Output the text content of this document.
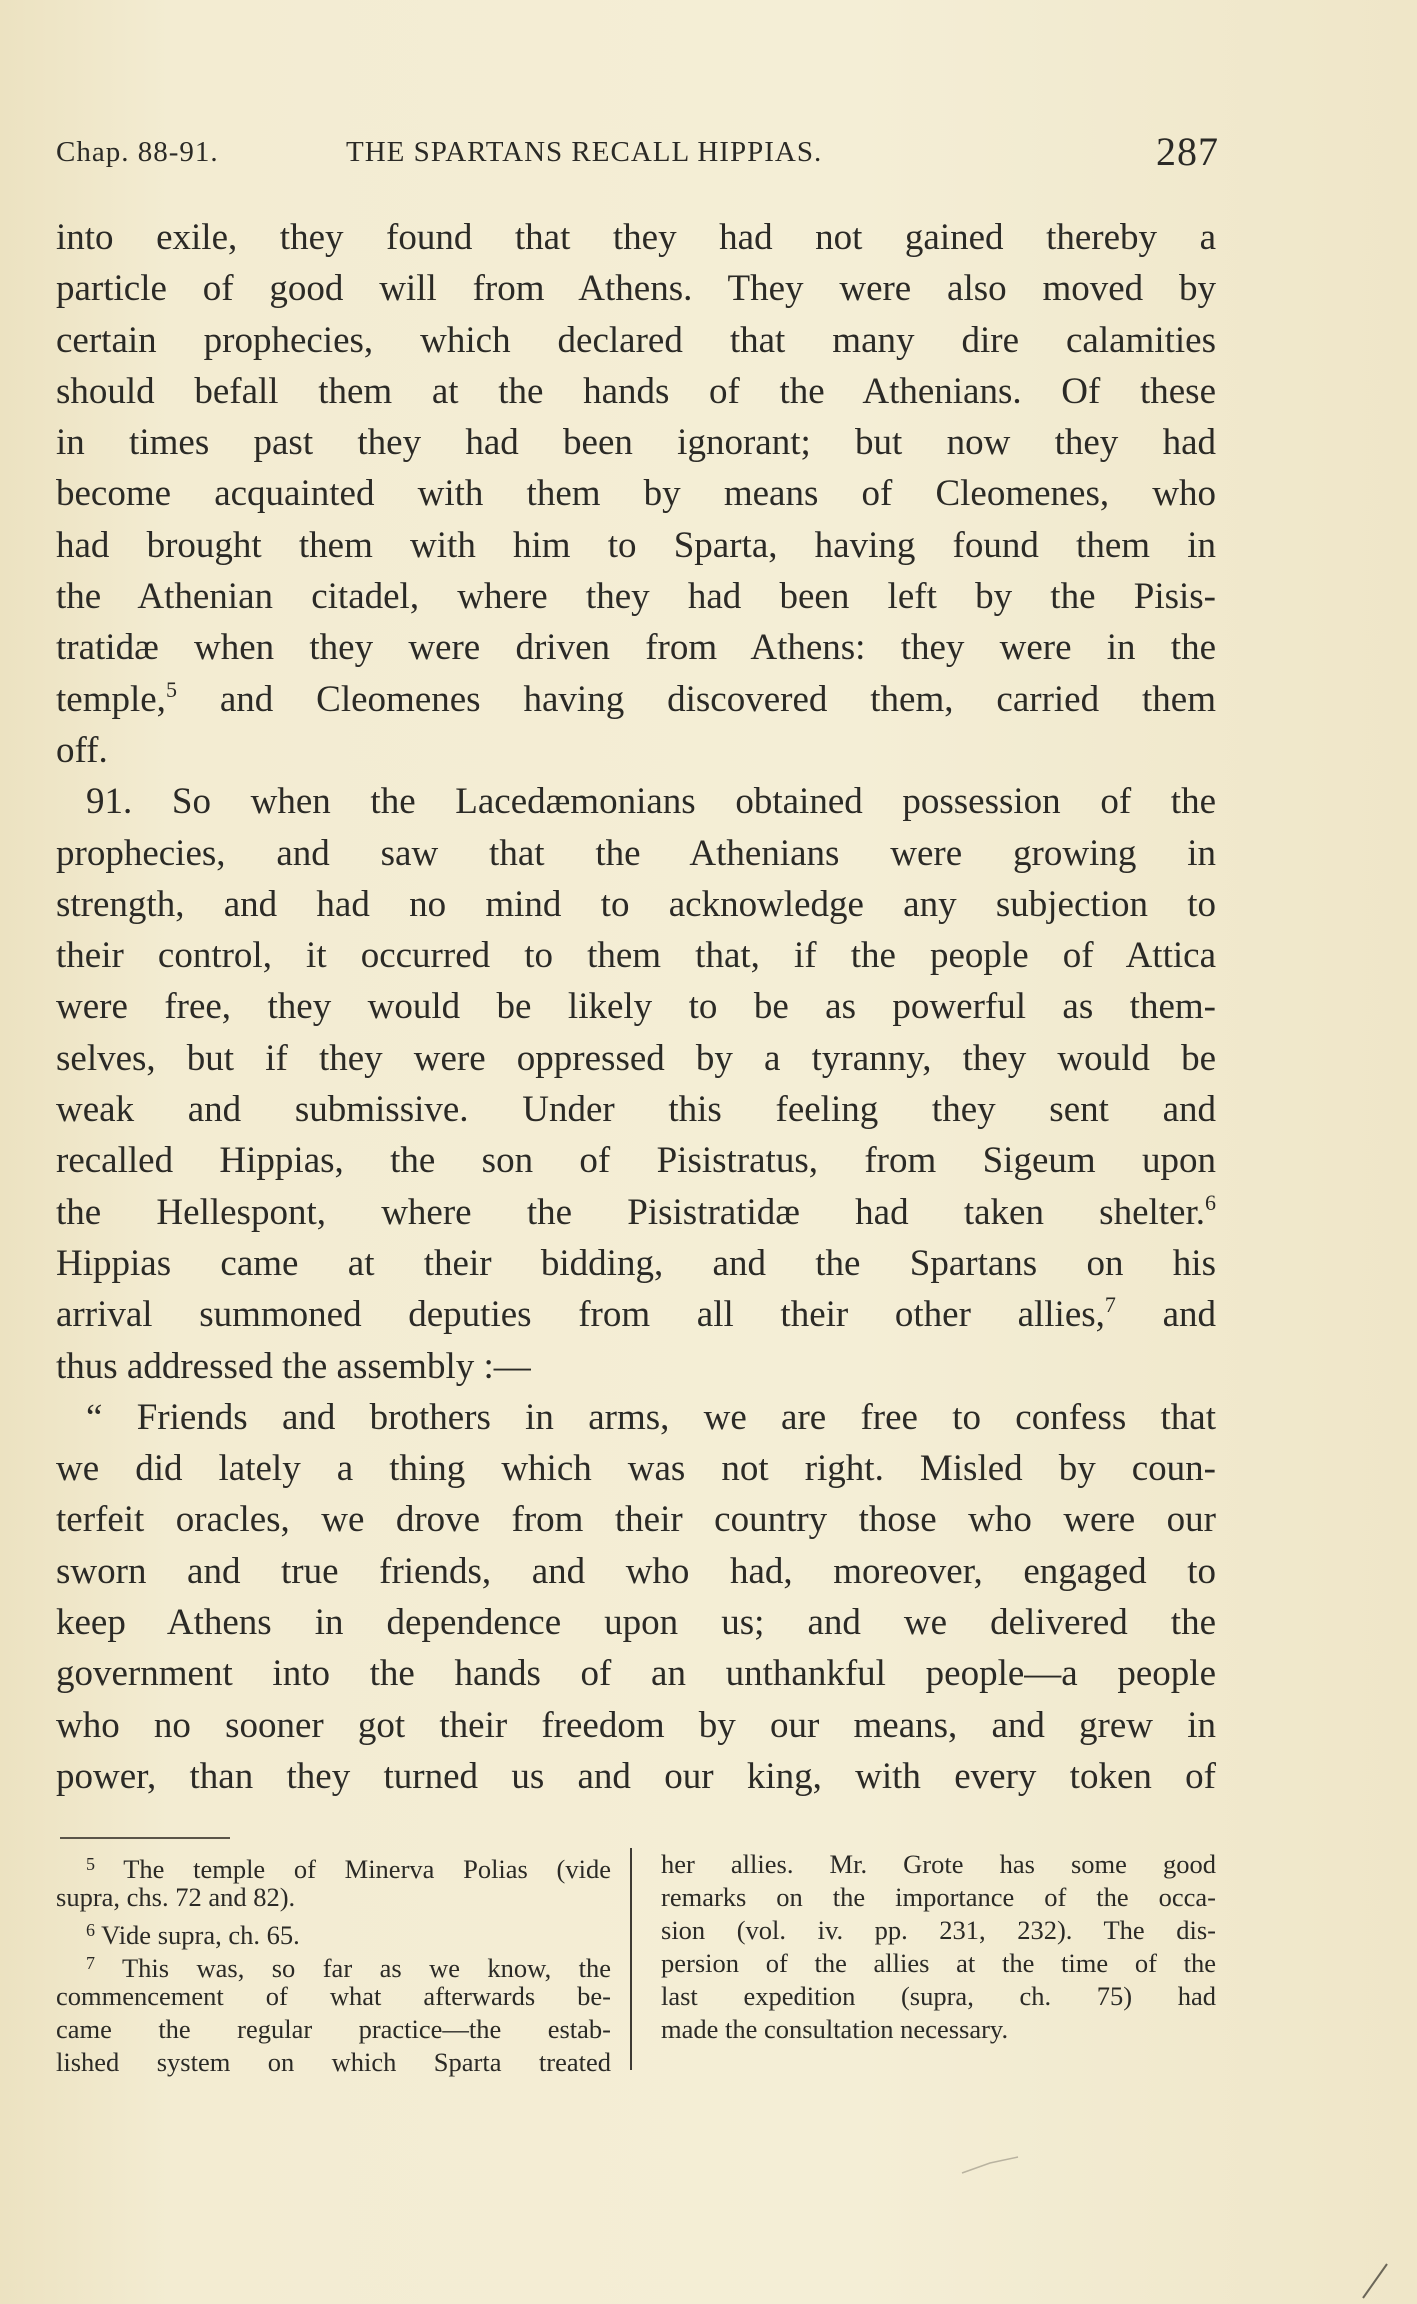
Chap. 88-91.	THE SPARTANS RECALL HIPPIAS.	287
into exile, they found that they had not gained thereby a
particle of good will from Athens. They were also moved by
certain prophecies, which declared that many dire calamities
should befall them at the hands of the Athenians. Of these
in times past they had been ignorant; but now they had
become acquainted with them by means of Cleomenes, who
had brought them with him to Sparta, having found them in
the Athenian citadel, where they had been left by the Pisis-
tratidæ when they were driven from Athens: they were in the
temple,$^5$ and Cleomenes having discovered them, carried them
off.
91. So when the Lacedæmonians obtained possession of the
prophecies, and saw that the Athenians were growing in
strength, and had no mind to acknowledge any subjection to
their control, it occurred to them that, if the people of Attica
were free, they would be likely to be as powerful as them-
selves, but if they were oppressed by a tyranny, they would be
weak and submissive. Under this feeling they sent and
recalled Hippias, the son of Pisistratus, from Sigeum upon
the Hellespont, where the Pisistratidæ had taken shelter.$^6$
Hippias came at their bidding, and the Spartans on his
arrival summoned deputies from all their other allies,$^7$ and
thus addressed the assembly :—
“ Friends and brothers in arms, we are free to confess that
we did lately a thing which was not right. Misled by coun-
terfeit oracles, we drove from their country those who were our
sworn and true friends, and who had, moreover, engaged to
keep Athens in dependence upon us; and we delivered the
government into the hands of an unthankful people—a people
who no sooner got their freedom by our means, and grew in
power, than they turned us and our king, with every token of
$^5$ The temple of Minerva Polias (vide
supra, chs. 72 and 82).
$^6$ Vide supra, ch. 65.
$^7$ This was, so far as we know, the
commencement of what afterwards be-
came the regular practice—the estab-
lished system on which Sparta treated
her allies. Mr. Grote has some good
remarks on the importance of the occa-
sion (vol. iv. pp. 231, 232). The dis-
persion of the allies at the time of the
last expedition (supra, ch. 75) had
made the consultation necessary.
